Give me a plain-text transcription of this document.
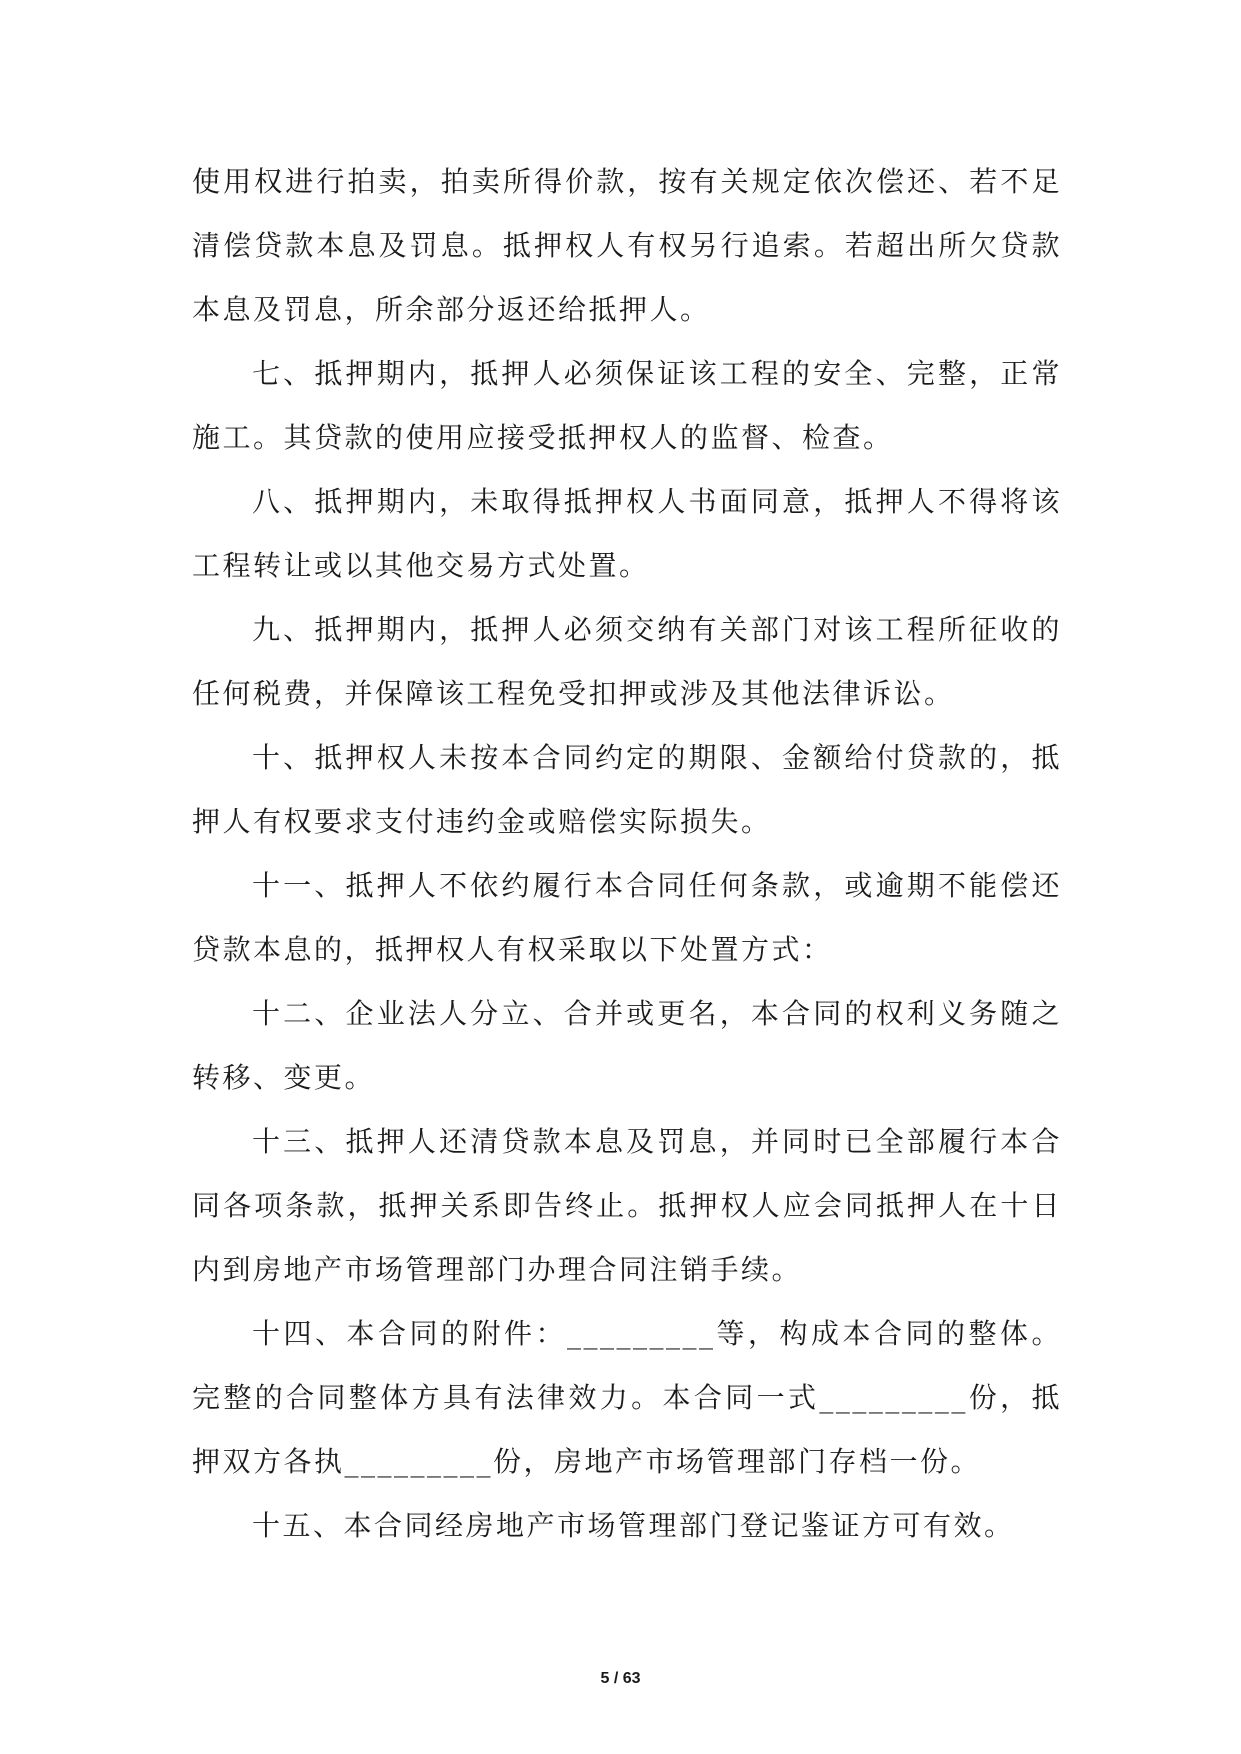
使用权进行拍卖，拍卖所得价款，按有关规定依次偿还、若不足清偿贷款本息及罚息。抵押权人有权另行追索。若超出所欠贷款本息及罚息，所余部分返还给抵押人。

七、抵押期内，抵押人必须保证该工程的安全、完整，正常施工。其贷款的使用应接受抵押权人的监督、检查。

八、抵押期内，未取得抵押权人书面同意，抵押人不得将该工程转让或以其他交易方式处置。

九、抵押期内，抵押人必须交纳有关部门对该工程所征收的任何税费，并保障该工程免受扣押或涉及其他法律诉讼。

十、抵押权人未按本合同约定的期限、金额给付贷款的，抵押人有权要求支付违约金或赔偿实际损失。

十一、抵押人不依约履行本合同任何条款，或逾期不能偿还贷款本息的，抵押权人有权采取以下处置方式：

十二、企业法人分立、合并或更名，本合同的权利义务随之转移、变更。

十三、抵押人还清贷款本息及罚息，并同时已全部履行本合同各项条款，抵押关系即告终止。抵押权人应会同抵押人在十日内到房地产市场管理部门办理合同注销手续。

十四、本合同的附件：_________等，构成本合同的整体。完整的合同整体方具有法律效力。本合同一式_________份，抵押双方各执_________份，房地产市场管理部门存档一份。

十五、本合同经房地产市场管理部门登记鉴证方可有效。

5 / 63
